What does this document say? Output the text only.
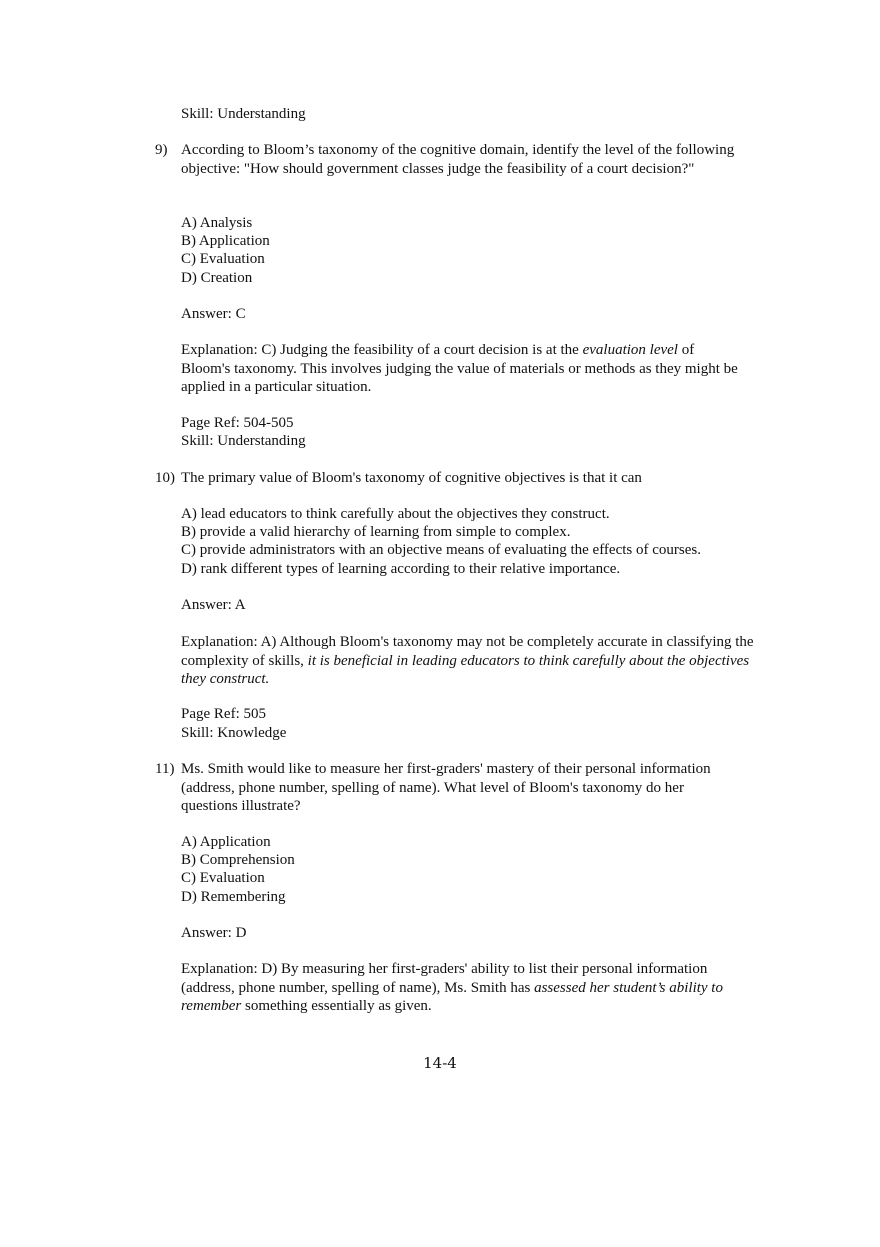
Skill: Understanding
9) According to Bloom’s taxonomy of the cognitive domain, identify the level of the following objective: "How should government classes judge the feasibility of a court decision?"
A) Analysis
B) Application
C) Evaluation
D) Creation
Answer: C
Explanation: C) Judging the feasibility of a court decision is at the evaluation level of Bloom's taxonomy. This involves judging the value of materials or methods as they might be applied in a particular situation.
Page Ref: 504-505
Skill: Understanding
10) The primary value of Bloom's taxonomy of cognitive objectives is that it can
A) lead educators to think carefully about the objectives they construct.
B) provide a valid hierarchy of learning from simple to complex.
C) provide administrators with an objective means of evaluating the effects of courses.
D) rank different types of learning according to their relative importance.
Answer: A
Explanation: A) Although Bloom's taxonomy may not be completely accurate in classifying the complexity of skills, it is beneficial in leading educators to think carefully about the objectives they construct.
Page Ref: 505
Skill: Knowledge
11) Ms. Smith would like to measure her first-graders' mastery of their personal information (address, phone number, spelling of name). What level of Bloom's taxonomy do her questions illustrate?
A) Application
B) Comprehension
C) Evaluation
D) Remembering
Answer: D
Explanation: D) By measuring her first-graders' ability to list their personal information (address, phone number, spelling of name), Ms. Smith has assessed her student’s ability to remember something essentially as given.
14-4
